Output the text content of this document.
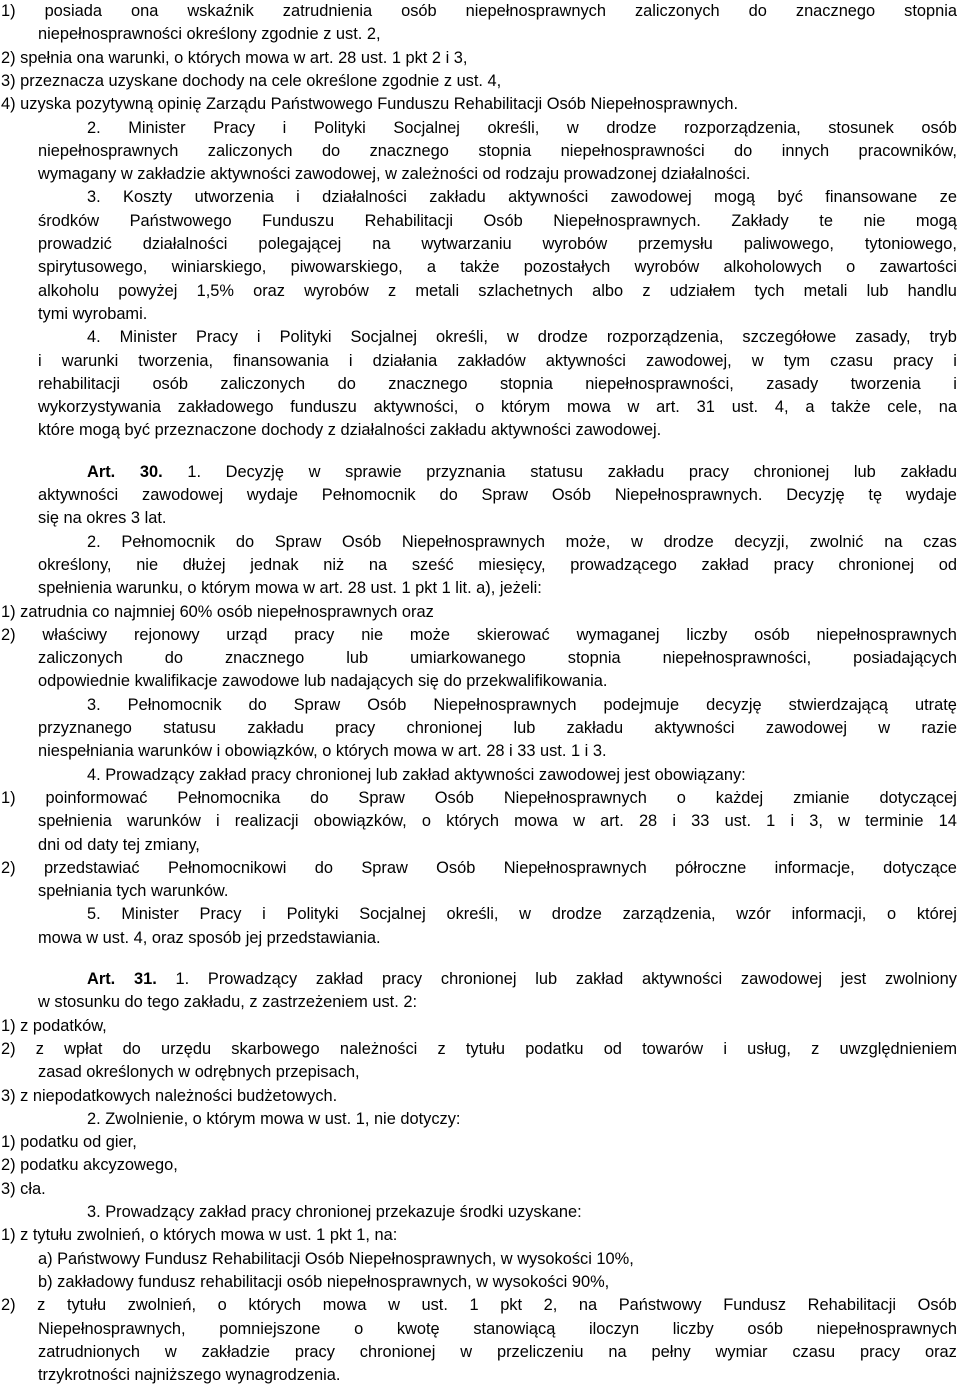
1) posiada ona wskaźnik zatrudnienia osób niepełnosprawnych zaliczonych do znacznego stopnia
niepełnosprawności określony zgodnie z ust. 2,
2) spełnia ona warunki, o których mowa w art. 28 ust. 1 pkt 2 i 3,
3) przeznacza uzyskane dochody na cele określone zgodnie z ust. 4,
4) uzyska pozytywną opinię Zarządu Państwowego Funduszu Rehabilitacji Osób Niepełnosprawnych.
2. Minister Pracy i Polityki Socjalnej określi, w drodze rozporządzenia, stosunek osób
niepełnosprawnych zaliczonych do znacznego stopnia niepełnosprawności do innych pracowników,
wymagany w zakładzie aktywności zawodowej, w zależności od rodzaju prowadzonej działalności.
3. Koszty utworzenia i działalności zakładu aktywności zawodowej mogą być finansowane ze
środków Państwowego Funduszu Rehabilitacji Osób Niepełnosprawnych. Zakłady te nie mogą
prowadzić działalności polegającej na wytwarzaniu wyrobów przemysłu paliwowego, tytoniowego,
spirytusowego, winiarskiego, piwowarskiego, a także pozostałych wyrobów alkoholowych o zawartości
alkoholu powyżej 1,5% oraz wyrobów z metali szlachetnych albo z udziałem tych metali lub handlu
tymi wyrobami.
4. Minister Pracy i Polityki Socjalnej określi, w drodze rozporządzenia, szczegółowe zasady, tryb
i warunki tworzenia, finansowania i działania zakładów aktywności zawodowej, w tym czasu pracy i
rehabilitacji osób zaliczonych do znacznego stopnia niepełnosprawności, zasady tworzenia i
wykorzystywania zakładowego funduszu aktywności, o którym mowa w art. 31 ust. 4, a także cele, na
które mogą być przeznaczone dochody z działalności zakładu aktywności zawodowej.
Art. 30. 1. Decyzję w sprawie przyznania statusu zakładu pracy chronionej lub zakładu
aktywności zawodowej wydaje Pełnomocnik do Spraw Osób Niepełnosprawnych. Decyzję tę wydaje
się na okres 3 lat.
2. Pełnomocnik do Spraw Osób Niepełnosprawnych może, w drodze decyzji, zwolnić na czas
określony, nie dłużej jednak niż na sześć miesięcy, prowadzącego zakład pracy chronionej od
spełnienia warunku, o którym mowa w art. 28 ust. 1 pkt 1 lit. a), jeżeli:
1) zatrudnia co najmniej 60% osób niepełnosprawnych oraz
2) właściwy rejonowy urząd pracy nie może skierować wymaganej liczby osób niepełnosprawnych
zaliczonych	do	znacznego	lub	umiarkowanego	stopnia	niepełnosprawności,	posiadających
odpowiednie kwalifikacje zawodowe lub nadających się do przekwalifikowania.
3. Pełnomocnik do Spraw Osób Niepełnosprawnych podejmuje decyzję stwierdzającą utratę
przyznanego statusu zakładu pracy chronionej lub zakładu aktywności zawodowej w razie
niespełniania warunków i obowiązków, o których mowa w art. 28 i 33 ust. 1 i 3.
4. Prowadzący zakład pracy chronionej lub zakład aktywności zawodowej jest obowiązany:
1) poinformować Pełnomocnika do Spraw Osób Niepełnosprawnych o każdej zmianie dotyczącej
spełnienia warunków i realizacji obowiązków, o których mowa w art. 28 i 33 ust. 1 i 3, w terminie 14
dni od daty tej zmiany,
2) przedstawiać Pełnomocnikowi do Spraw Osób Niepełnosprawnych półroczne informacje, dotyczące
spełniania tych warunków.
5. Minister Pracy i Polityki Socjalnej określi, w drodze zarządzenia, wzór informacji, o której
mowa w ust. 4, oraz sposób jej przedstawiania.
Art. 31. 1. Prowadzący zakład pracy chronionej lub zakład aktywności zawodowej jest zwolniony
w stosunku do tego zakładu, z zastrzeżeniem ust. 2:
1) z podatków,
2) z wpłat do urzędu skarbowego należności z tytułu podatku od towarów i usług, z uwzględnieniem
zasad określonych w odrębnych przepisach,
3) z niepodatkowych należności budżetowych.
2. Zwolnienie, o którym mowa w ust. 1, nie dotyczy:
1) podatku od gier,
2) podatku akcyzowego,
3) cła.
3. Prowadzący zakład pracy chronionej przekazuje środki uzyskane:
1) z tytułu zwolnień, o których mowa w ust. 1 pkt 1, na:
a) Państwowy Fundusz Rehabilitacji Osób Niepełnosprawnych, w wysokości 10%,
b) zakładowy fundusz rehabilitacji osób niepełnosprawnych, w wysokości 90%,
2) z tytułu zwolnień, o których mowa w ust. 1 pkt 2, na Państwowy Fundusz Rehabilitacji Osób
Niepełnosprawnych, pomniejszone o kwotę stanowiącą iloczyn liczby osób niepełnosprawnych
zatrudnionych w zakładzie pracy chronionej w przeliczeniu na pełny wymiar czasu pracy oraz
trzykrotności najniższego wynagrodzenia.
